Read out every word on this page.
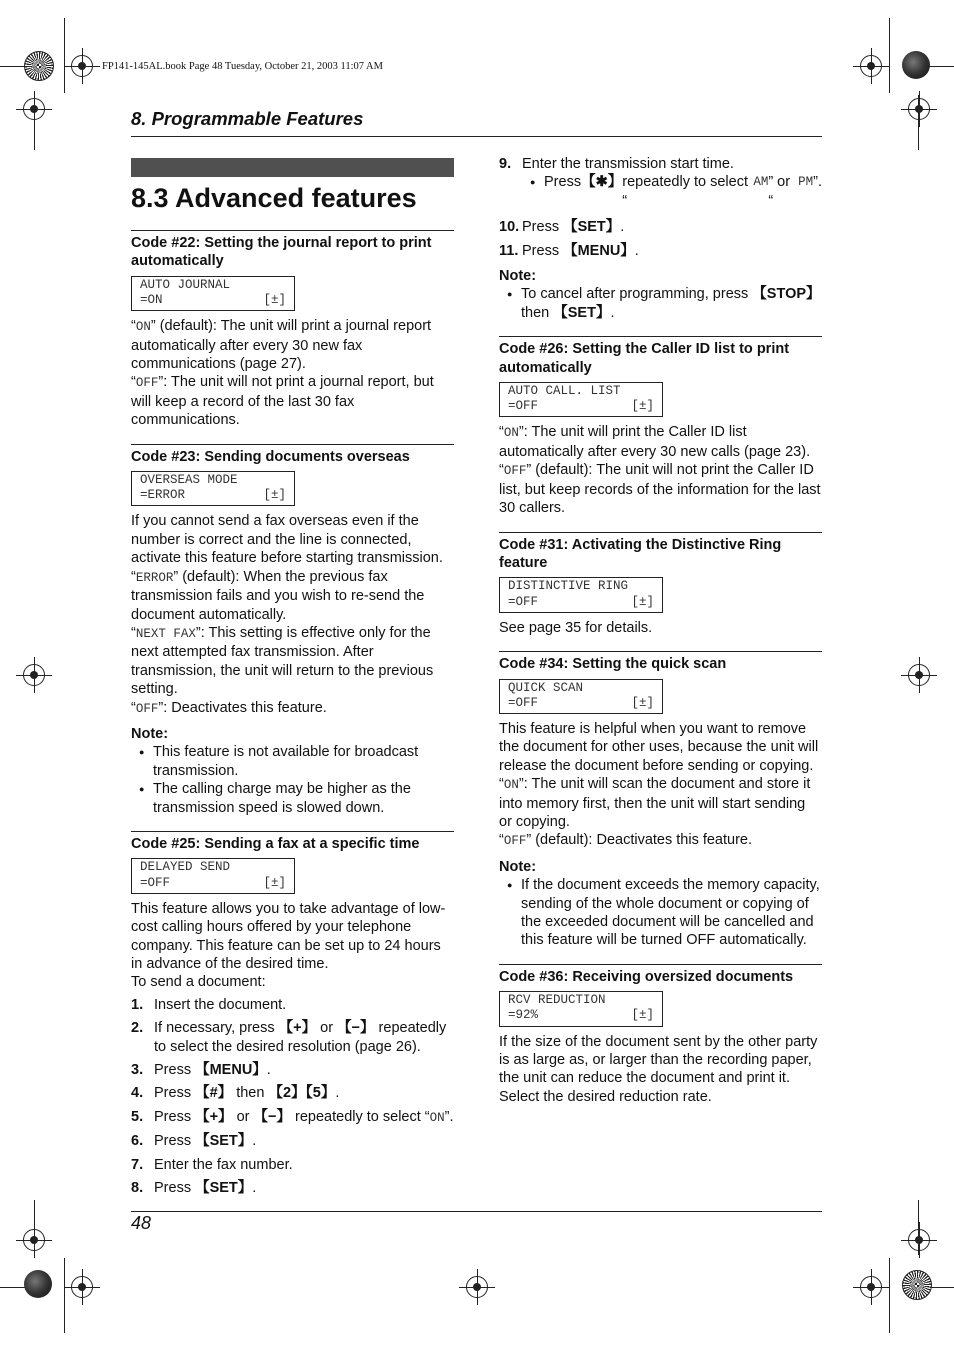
FP141-145AL.book Page 48 Tuesday, October 21, 2003 11:07 AM
8. Programmable Features
8.3 Advanced features
Code #22: Setting the journal report to print automatically
AUTO JOURNAL
=ON	[±]

“ON” (default): The unit will print a journal report automatically after every 30 new fax communications (page 27).

“OFF”: The unit will not print a journal report, but will keep a record of the last 30 fax communications.

Code #23: Sending documents overseas
OVERSEAS MODE
=ERROR	[±]

If you cannot send a fax overseas even if the number is correct and the line is connected, activate this feature before starting transmission.

“ERROR” (default): When the previous fax transmission fails and you wish to re-send the document automatically.

“NEXT FAX”: This setting is effective only for the next attempted fax transmission. After transmission, the unit will return to the previous setting.

“OFF”: Deactivates this feature.

Note:
● This feature is not available for broadcast transmission.
● The calling charge may be higher as the transmission speed is slowed down.
Code #25: Sending a fax at a specific time
DELAYED SEND
=OFF	[±]

This feature allows you to take advantage of low-cost calling hours offered by your telephone company. This feature can be set up to 24 hours in advance of the desired time.

To send a document:

1. Insert the document.
2. If necessary, press 【+】 or 【−】 repeatedly to select the desired resolution (page 26).
3. Press 【MENU】.
4. Press 【#】 then 【2】【5】.
5. Press 【+】 or 【−】 repeatedly to select “ON”.
6. Press 【SET】.
7. Enter the fax number.
8. Press 【SET】.
9. Enter the transmission start time.
● Press 【✱】 repeatedly to select “
AM ” or “
PM ”.
10. Press 【SET】.
11. Press 【MENU】.
Note:
● To cancel after programming, press 【STOP】 then 【SET】.
Code #26: Setting the Caller ID list to print automatically
AUTO CALL. LIST
=OFF	[±]

“ON”: The unit will print the Caller ID list automatically after every 30 new calls (page 23).

“OFF” (default): The unit will not print the Caller ID list, but keep records of the information for the last 30 callers.

Code #31: Activating the Distinctive Ring feature
DISTINCTIVE RING
=OFF	[±]

See page 35 for details.

Code #34: Setting the quick scan
QUICK SCAN
=OFF	[±]

This feature is helpful when you want to remove the document for other uses, because the unit will release the document before sending or copying.

“ON”: The unit will scan the document and store it into memory first, then the unit will start sending or copying.

“OFF” (default): Deactivates this feature.

Note:
● If the document exceeds the memory capacity, sending of the whole document or copying of the exceeded document will be cancelled and this feature will be turned OFF automatically.
Code #36: Receiving oversized documents
RCV REDUCTION
=92%	[±]

If the size of the document sent by the other party is as large as, or larger than the recording paper, the unit can reduce the document and print it. Select the desired reduction rate.

48
